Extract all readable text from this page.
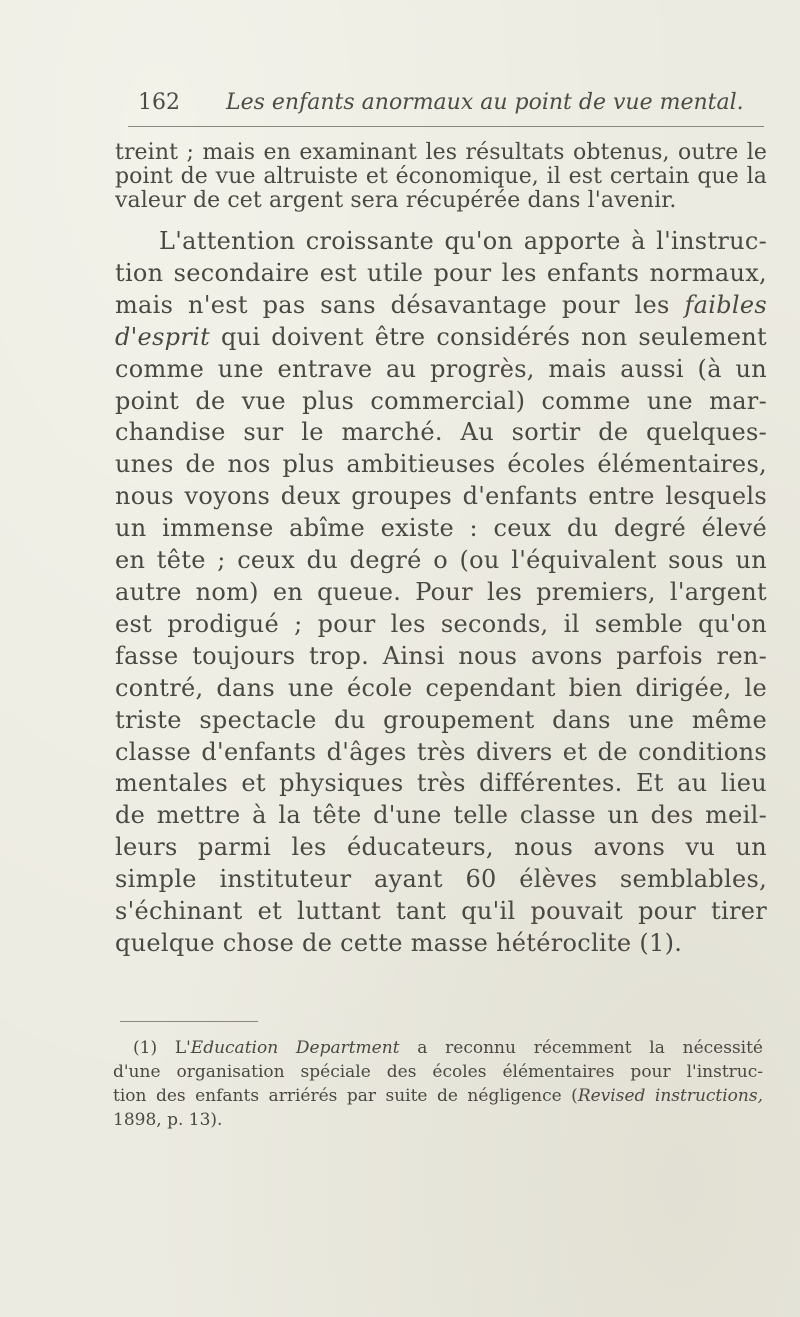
162 Les enfants anormaux au point de vue mental.

treint ; mais en examinant les résultats obtenus, outre le
point de vue altruiste et économique, il est certain que la
valeur de cet argent sera récupérée dans l'avenir.

L'attention croissante qu'on apporte à l'instruc-
tion secondaire est utile pour les enfants normaux,
mais n'est pas sans désavantage pour les faibles
d'esprit qui doivent être considérés non seulement
comme une entrave au progrès, mais aussi (à un
point de vue plus commercial) comme une mar-
chandise sur le marché. Au sortir de quelques-
unes de nos plus ambitieuses écoles élémentaires,
nous voyons deux groupes d'enfants entre lesquels
un immense abîme existe : ceux du degré élevé
en tête ; ceux du degré o (ou l'équivalent sous un
autre nom) en queue. Pour les premiers, l'argent
est prodigué ; pour les seconds, il semble qu'on
fasse toujours trop. Ainsi nous avons parfois ren-
contré, dans une école cependant bien dirigée, le
triste spectacle du groupement dans une même
classe d'enfants d'âges très divers et de conditions
mentales et physiques très différentes. Et au lieu
de mettre à la tête d'une telle classe un des meil-
leurs parmi les éducateurs, nous avons vu un
simple instituteur ayant 60 élèves semblables,
s'échinant et luttant tant qu'il pouvait pour tirer
quelque chose de cette masse hétéroclite (1).

(1) L'Education Department a reconnu récemment la nécessité
d'une organisation spéciale des écoles élémentaires pour l'instruc-
tion des enfants arriérés par suite de négligence (Revised instructions,
1898, p. 13).
